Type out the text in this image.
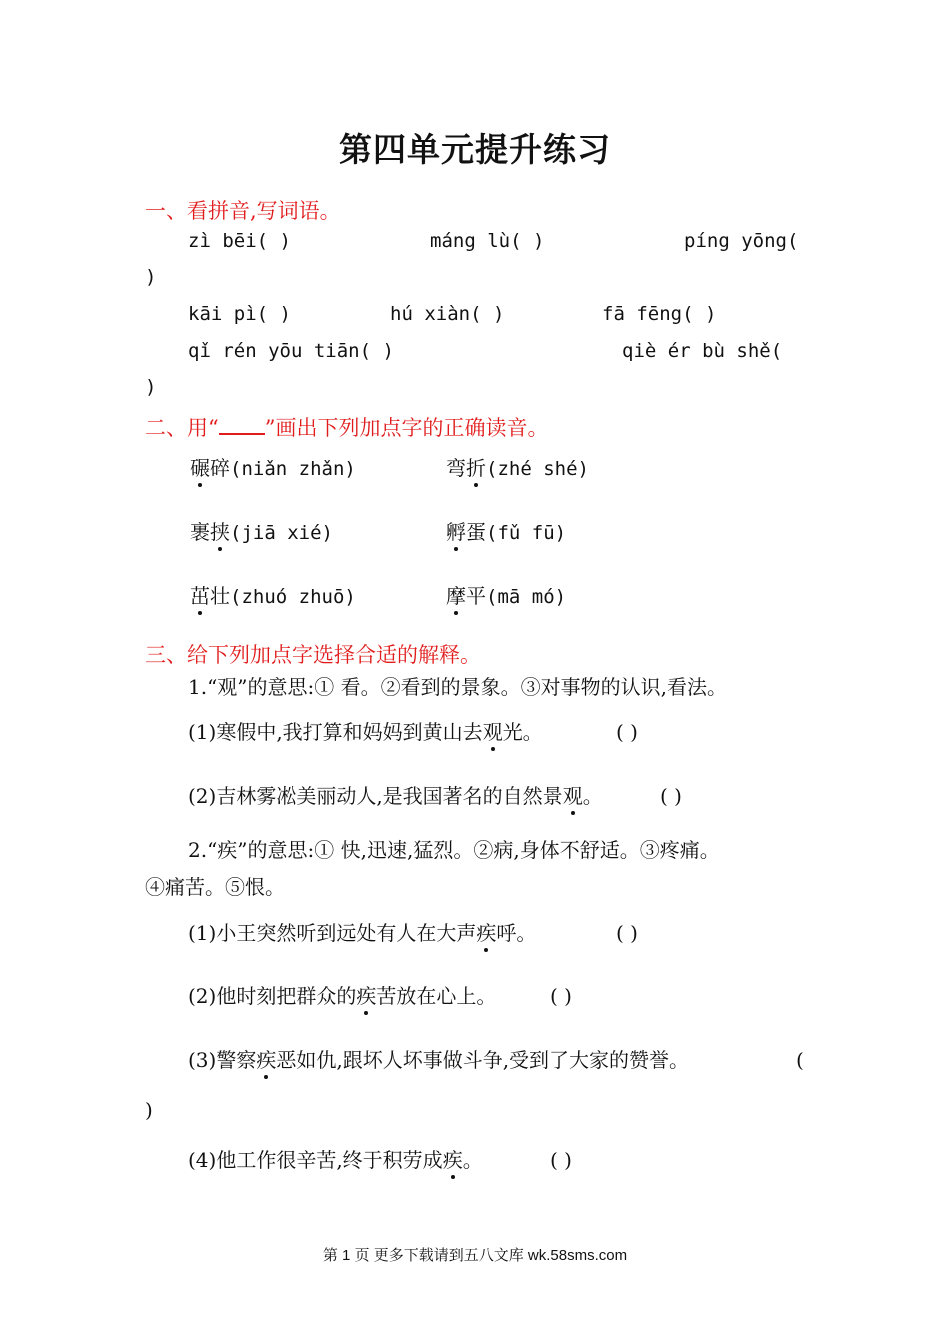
第四单元提升练习
一、看拼音,写词语。
zì bēi( )	máng lù( )	píng yōng(
)
kāi pì( )	hú xiàn( )	fā fēng( )
qǐ rén yōu tiān( )	qiè ér bù shě(
)
二、用“ ”画出下列加点字的正确读音。
碾碎(niǎn zhǎn)	弯折(zhé shé)
裹挟(jiā xié)	孵蛋(fǔ fū)
茁壮(zhuó zhuō)	摩平(mā mó)
三、给下列加点字选择合适的解释。
1.“观”的意思:① 看。②看到的景象。③对事物的认识,看法。
(1)寒假中,我打算和妈妈到黄山去观光。	( )
(2)吉林雾凇美丽动人,是我国著名的自然景观。	( )
2.“疾”的意思:① 快,迅速,猛烈。②病,身体不舒适。③疼痛。
④痛苦。⑤恨。
(1)小王突然听到远处有人在大声疾呼。	( )
(2)他时刻把群众的疾苦放在心上。	( )
(3)警察疾恶如仇,跟坏人坏事做斗争,受到了大家的赞誉。	(
)
(4)他工作很辛苦,终于积劳成疾。	( )
第 1 页 更多下载请到五八文库 wk.58sms.com
